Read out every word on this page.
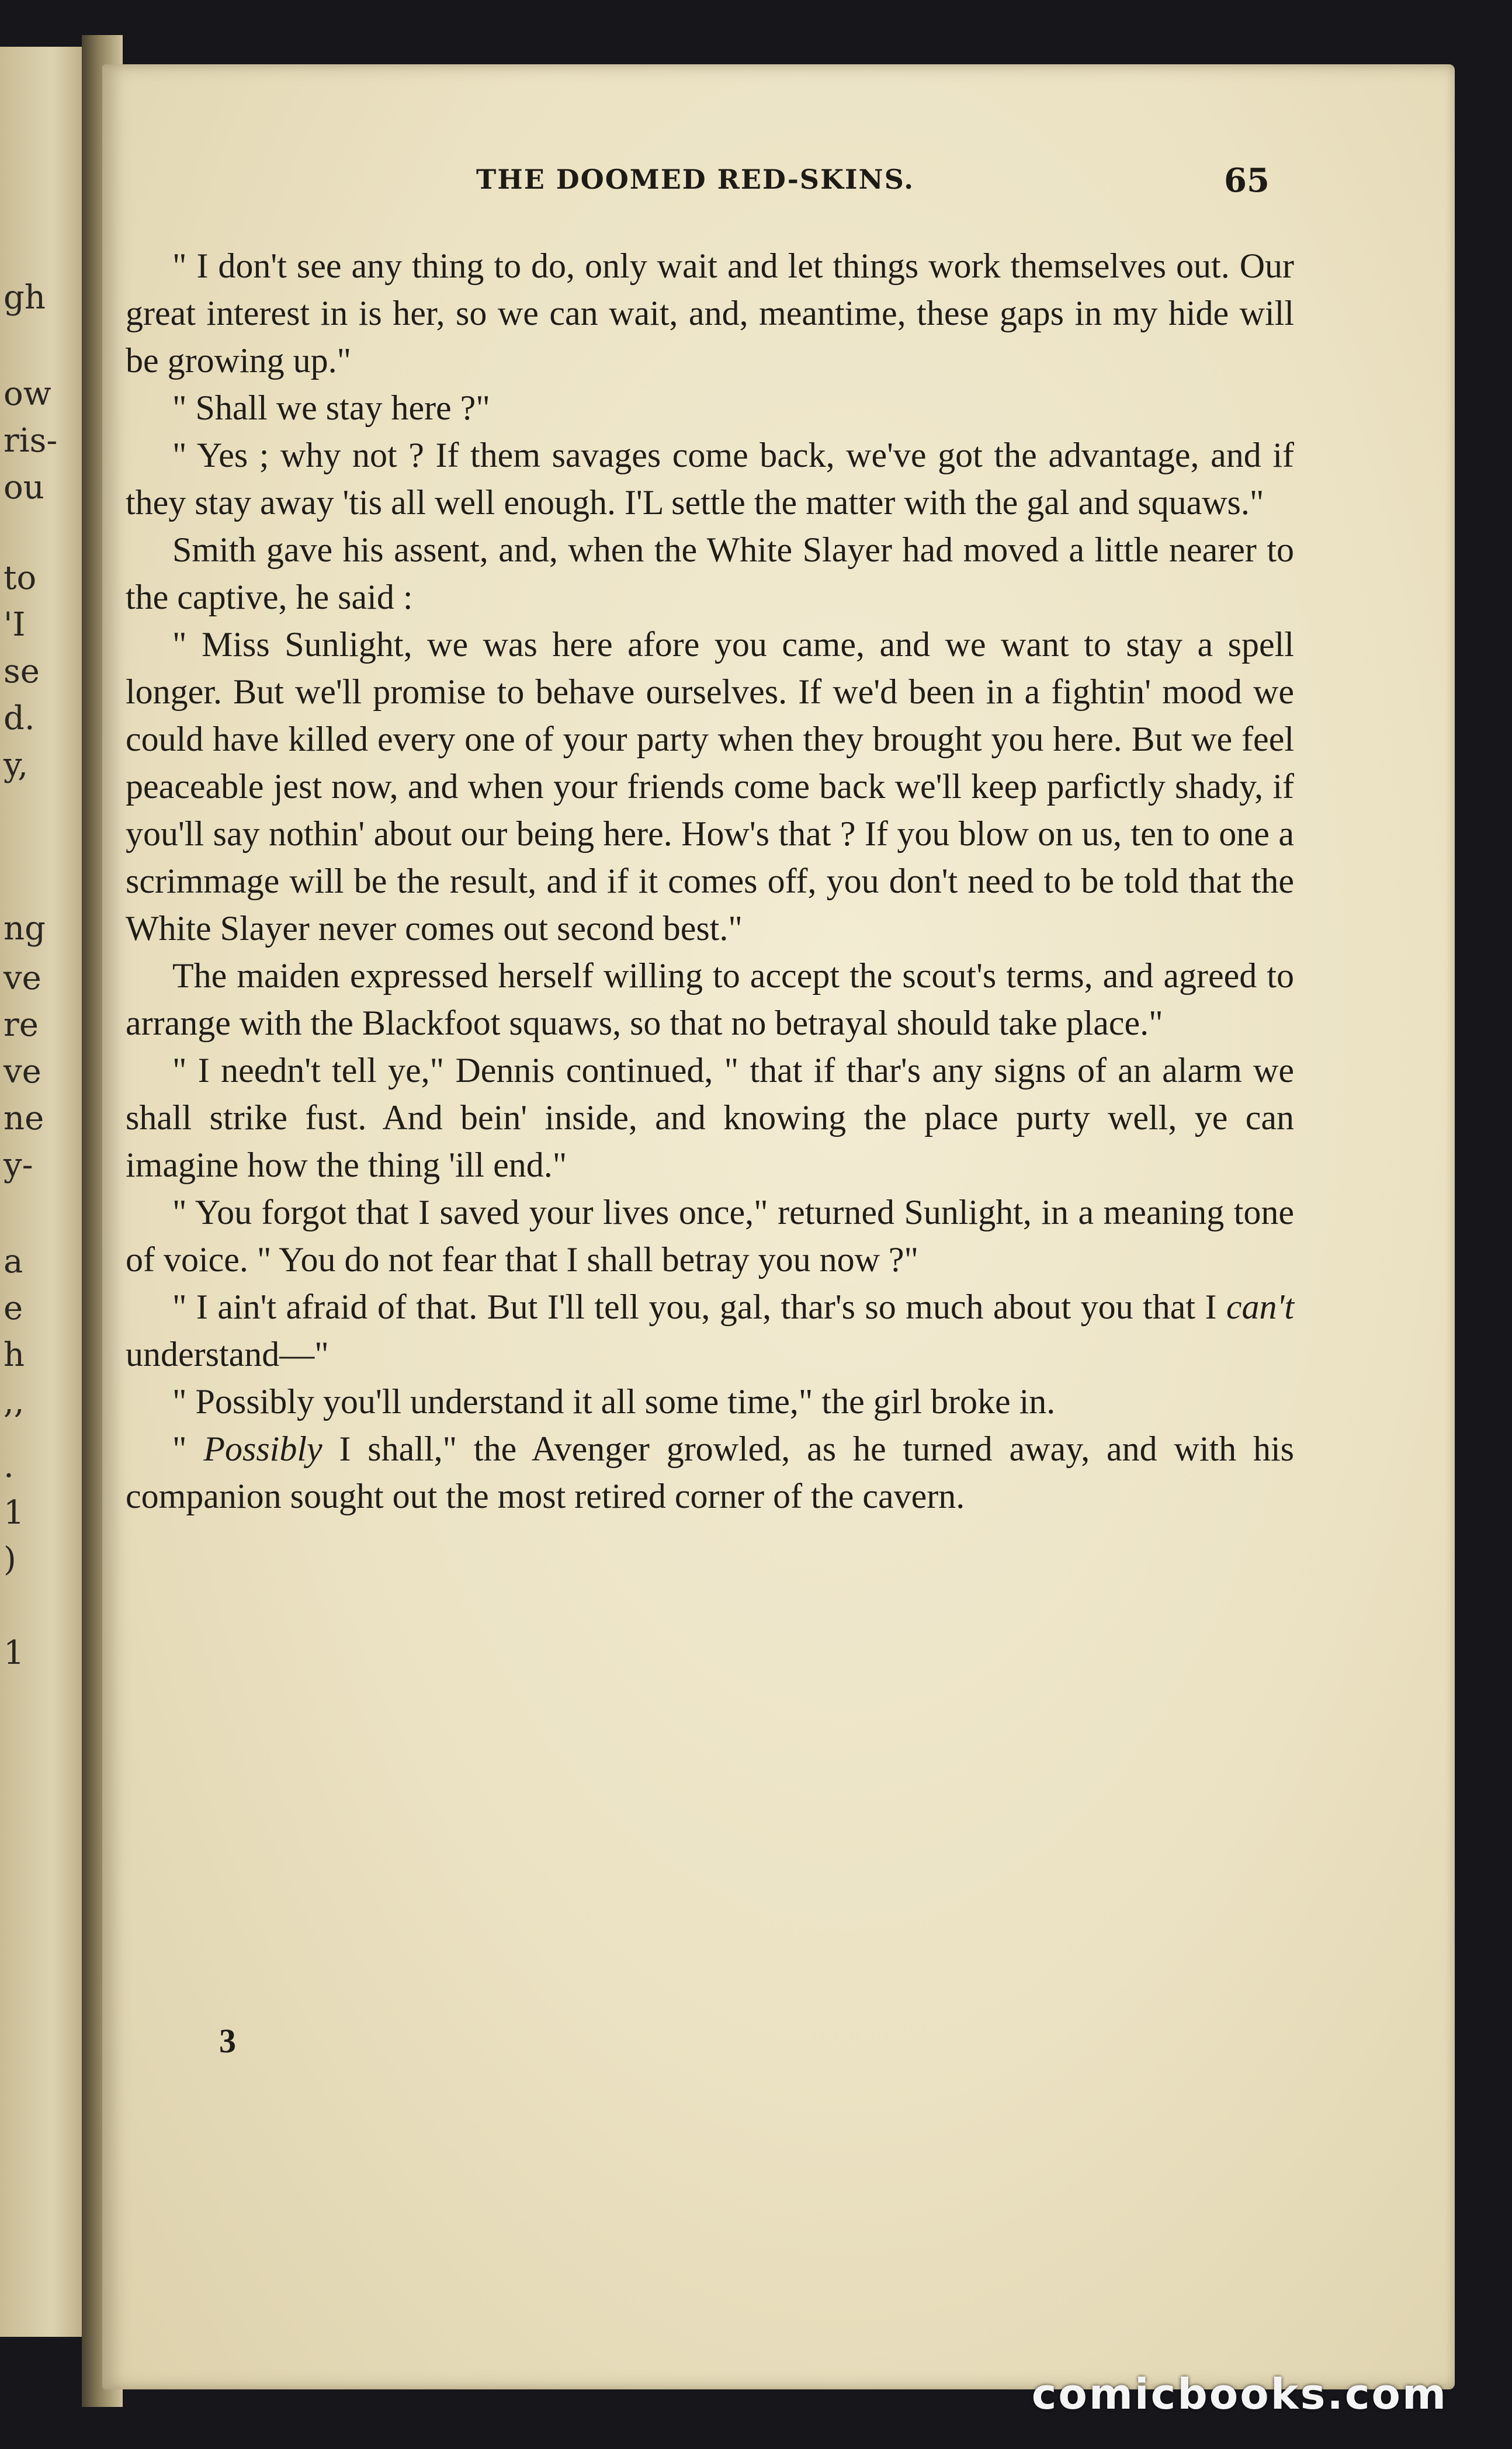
gh
ow
ris-
ou
to
'I
se
d.
y,
ng
ve
re
ve
ne
y-
a
e
h
,,
.
1
)
1
THE DOOMED RED-SKINS.	65

" I don't see any thing to do, only wait and let things work themselves out. Our great interest in is her, so we can wait, and, meantime, these gaps in my hide will be growing up."

" Shall we stay here ?"

" Yes ; why not ? If them savages come back, we've got the advantage, and if they stay away 'tis all well enough. I'L settle the matter with the gal and squaws."

Smith gave his assent, and, when the White Slayer had moved a little nearer to the captive, he said :

" Miss Sunlight, we was here afore you came, and we want to stay a spell longer. But we'll promise to behave ourselves. If we'd been in a fightin' mood we could have killed every one of your party when they brought you here. But we feel peaceable jest now, and when your friends come back we'll keep parfictly shady, if you'll say nothin' about our being here. How's that ? If you blow on us, ten to one a scrimmage will be the result, and if it comes off, you don't need to be told that the White Slayer never comes out second best."

The maiden expressed herself willing to accept the scout's terms, and agreed to arrange with the Blackfoot squaws, so that no betrayal should take place."

" I needn't tell ye," Dennis continued, " that if thar's any signs of an alarm we shall strike fust. And bein' inside, and knowing the place purty well, ye can imagine how the thing 'ill end."

" You forgot that I saved your lives once," returned Sunlight, in a meaning tone of voice. " You do not fear that I shall betray you now ?"

" I ain't afraid of that. But I'll tell you, gal, thar's so much about you that I can't understand—"

" Possibly you'll understand it all some time," the girl broke in.

" Possibly I shall," the Avenger growled, as he turned away, and with his companion sought out the most retired corner of the cavern.

3
comicbooks.com
